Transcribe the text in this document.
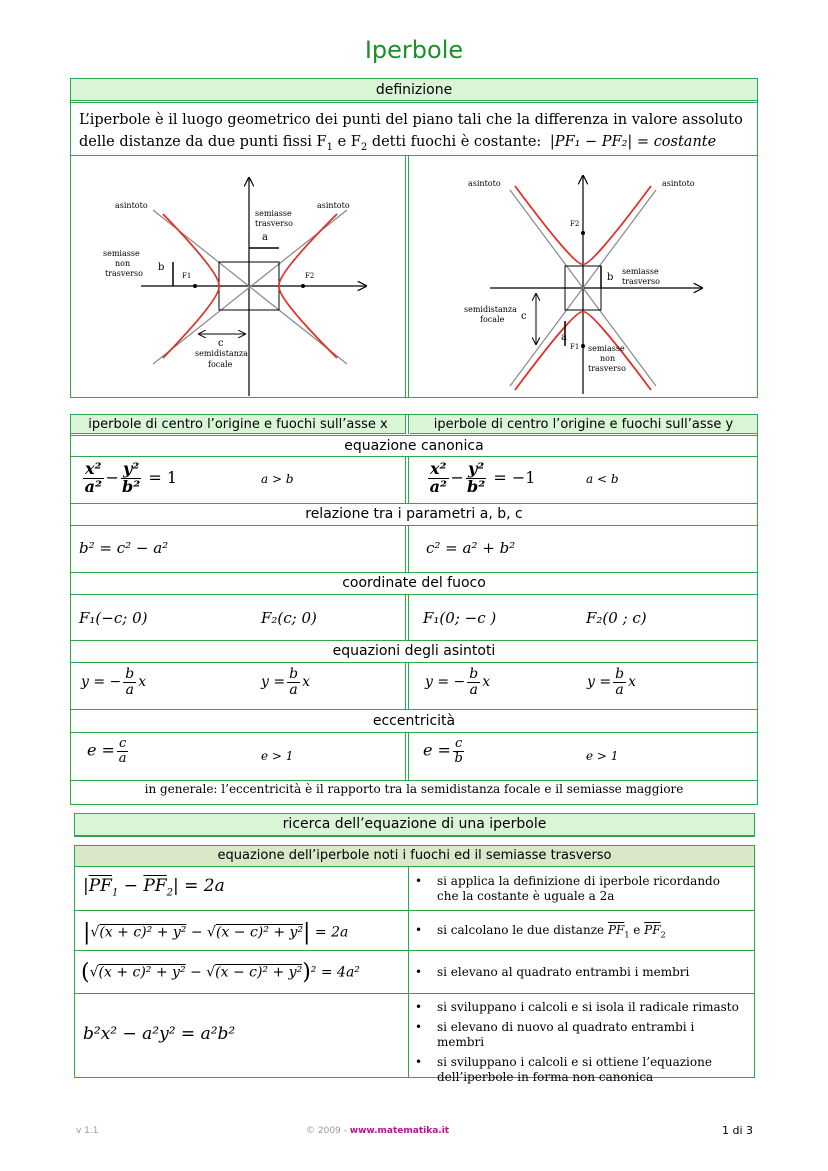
Iperbole
definizione
L’iperbole è il luogo geometrico dei punti del piano tali che la differenza in valore assoluto
delle distanze da due punti fissi $F_1$ e $F_2$ detti fuochi è costante: |PF₁ − PF₂| = costante
asintoto	asintoto
semiasse
trasverso
a
b
semiasse
non
trasverso	F1	F2
c
semidistanza
focale
asintoto	asintoto
F2
b
semiasse
trasverso
semidistanza
focale c
a
F1 semiasse
non
trasverso
iperbole di centro l’origine e fuochi sull’asse x	iperbole di centro l’origine e fuochi sull’asse y
equazione canonica
$\frac{\text{x²}}{\text{a²}} - \frac{\text{y²}}{\text{b²}} = 1$	a > b	$\frac{\text{x²}}{\text{a²}} - \frac{\text{y²}}{\text{b²}} = -1$	a < b
relazione tra i parametri a, b, c
b² = c² − a²	c² = a² + b²
coordinate del fuoco
F₁(−c; 0)	F₂(c; 0)	F₁(0; −c )	F₂(0 ; c)
equazioni degli asintoti
y = − $\frac{b}{a}$ x	$y = \frac{b}{a}$ x	y = − $\frac{b}{a}$ x	$y = \frac{b}{a}$ x
eccentricità
$e = \frac{c}{a}$	e > 1	$e = \frac{c}{b}$	e > 1
in generale: l’eccentricità è il rapporto tra la semidistanza focale e il semiasse maggiore
ricerca dell’equazione di una iperbole
equazione dell’iperbole noti i fuochi ed il semiasse trasverso
$|\overline{PF}_1 - \overline{PF}_2| = 2a$	• si applica la definizione di iperbole ricordando che la costante è uguale a 2a
|√(x + c)² + y² − √(x − c)² + y²| = 2a	• si calcolano le due distanze $\overline{PF}_1$ e $\overline{PF}_2$
(√(x + c)² + y² − √(x − c)² + y²)² = 4a²	• si elevano al quadrato entrambi i membri
b²x² − a²y² = a²b²
• si sviluppano i calcoli e si isola il radicale rimasto
• si elevano di nuovo al quadrato entrambi i membri
• si sviluppano i calcoli e si ottiene l’equazione dell’iperbole in forma non canonica
v 1.1	© 2009 - www.matematika.it	1 di 3
